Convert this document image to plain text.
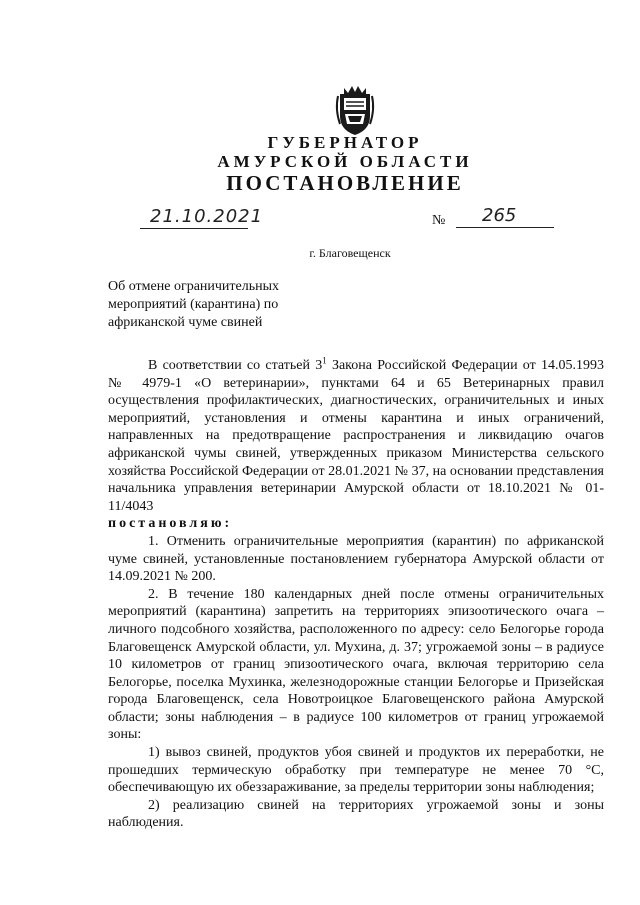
ГУБЕРНАТОР
АМУРСКОЙ ОБЛАСТИ
ПОСТАНОВЛЕНИЕ
21.10.2021	№ 265
г. Благовещенск
Об отмене ограничительных мероприятий (карантина) по африканской чуме свиней

В соответствии со статьей $3^1$ Закона Российской Федерации от 14.05.1993 № 4979-1 «О ветеринарии», пунктами 64 и 65 Ветеринарных правил осуществления профилактических, диагностических, ограничительных и иных мероприятий, установления и отмены карантина и иных ограничений, направленных на предотвращение распространения и ликвидацию очагов африканской чумы свиней, утвержденных приказом Министерства сельского хозяйства Российской Федерации от 28.01.2021 № 37, на основании представления начальника управления ветеринарии Амурской области от 18.10.2021 № 01-11/4043

постановляю:

1. Отменить ограничительные мероприятия (карантин) по африканской чуме свиней, установленные постановлением губернатора Амурской области от 14.09.2021 № 200.

2. В течение 180 календарных дней после отмены ограничительных мероприятий (карантина) запретить на территориях эпизоотического очага – личного подсобного хозяйства, расположенного по адресу: село Белогорье города Благовещенск Амурской области, ул. Мухина, д. 37; угрожаемой зоны – в радиусе 10 километров от границ эпизоотического очага, включая территорию села Белогорье, поселка Мухинка, железнодорожные станции Белогорье и Призейская города Благовещенск, села Новотроицкое Благовещенского района Амурской области; зоны наблюдения – в радиусе 100 километров от границ угрожаемой зоны:

1) вывоз свиней, продуктов убоя свиней и продуктов их переработки, не прошедших термическую обработку при температуре не менее 70 °С, обеспечивающую их обеззараживание, за пределы территории зоны наблюдения;

2) реализацию свиней на территориях угрожаемой зоны и зоны наблюдения.
